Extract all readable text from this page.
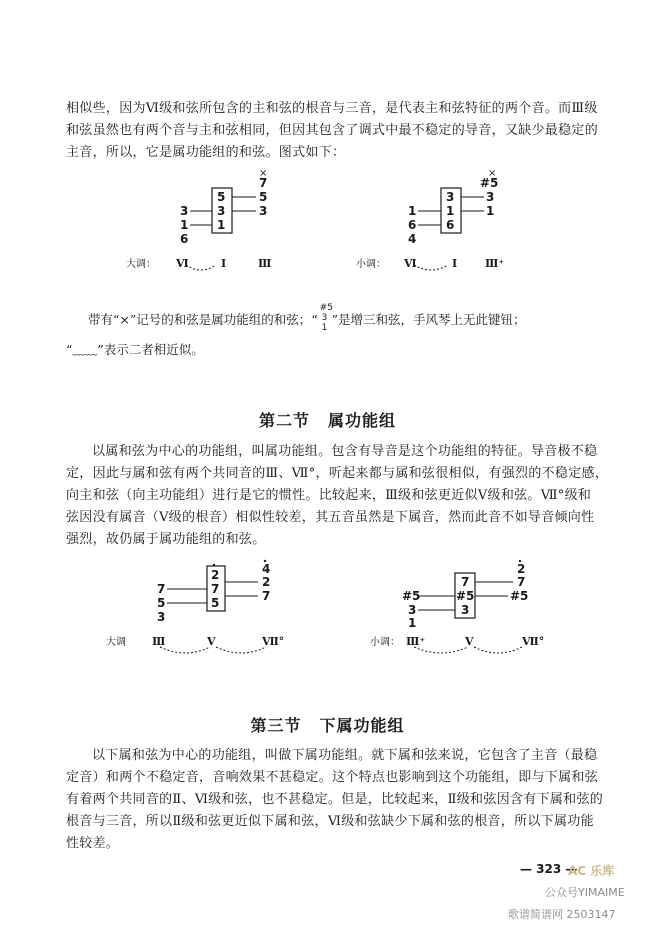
相似些，因为Ⅵ级和弦所包含的主和弦的根音与三音，是代表主和弦特征的两个音。而Ⅲ级
和弦虽然也有两个音与主和弦相同，但因其包含了调式中最不稳定的导音，又缺少最稳定的
主音，所以，它是属功能组的和弦。图式如下：
5
3
1
3
1
6
7
5
3
×
大调： Ⅵ	Ⅰ	Ⅲ
3
1
6
1
6
4
#5
3
1
×
小调： Ⅵ	Ⅰ	Ⅲ⁺
带有“×”记号的和弦是属功能组的和弦；“
#5
3
1
”是增三和弦，手风琴上无此键钮；
“﹏﹏”表示二者相近似。
第二节 属功能组
以属和弦为中心的功能组，叫属功能组。包含有导音是这个功能组的特征。导音极不稳
定，因此与属和弦有两个共同音的Ⅲ、Ⅶ°，听起来都与属和弦很相似，有强烈的不稳定感，
向主和弦（向主功能组）进行是它的惯性。比较起来，Ⅲ级和弦更近似Ⅴ级和弦。Ⅶ°级和
弦因没有属音（Ⅴ级的根音）相似性较差，其五音虽然是下属音，然而此音不如导音倾向性
强烈，故仍属于属功能组的和弦。
2
7
5
7
5
3
4
2
7
大调 Ⅲ	Ⅴ	Ⅶ°
7
#5
3
#5
3
1
2
7
#5
小调： Ⅲ⁺	Ⅴ	Ⅶ°
第三节 下属功能组
以下属和弦为中心的功能组，叫做下属功能组。就下属和弦来说，它包含了主音（最稳
定音）和两个不稳定音，音响效果不甚稳定。这个特点也影响到这个功能组，即与下属和弦
有着两个共同音的Ⅱ、Ⅵ级和弦，也不甚稳定。但是，比较起来，Ⅱ级和弦因含有下属和弦的
根音与三音，所以Ⅱ级和弦更近似下属和弦，Ⅵ级和弦缺少下属和弦的根音，所以下属功能
性较差。
— 323 —
AC 乐库
公众号YIMAIME
歌谱简谱网 2503147
